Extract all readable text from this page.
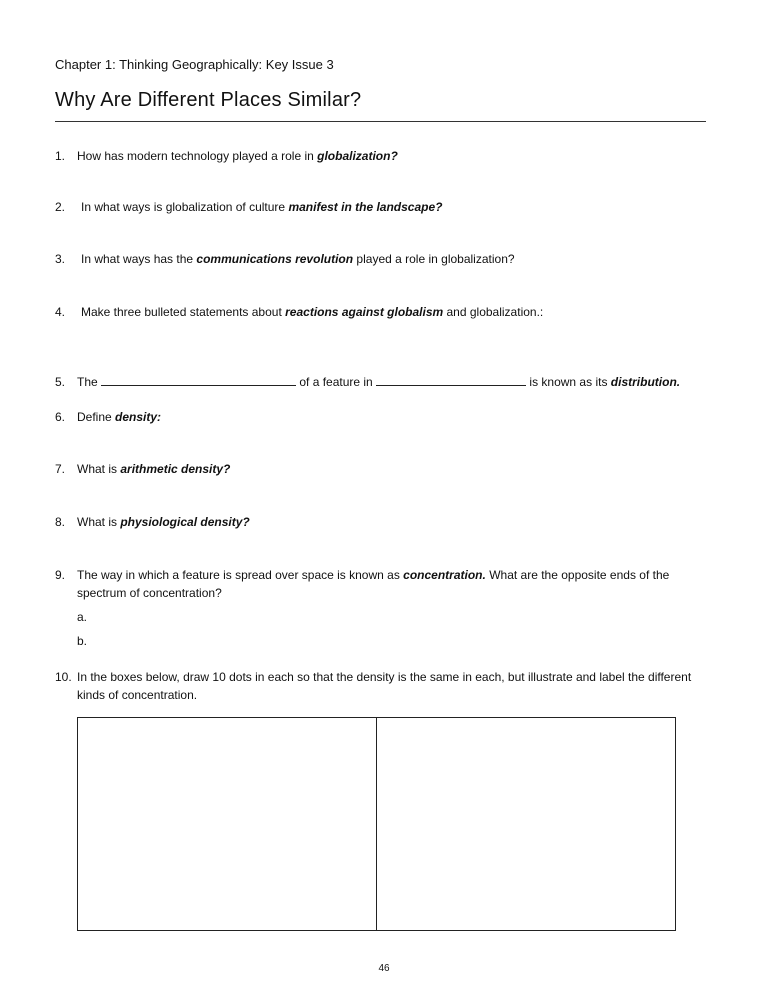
Chapter 1: Thinking Geographically: Key Issue 3
Why Are Different Places Similar?
1. How has modern technology played a role in globalization?
2. In what ways is globalization of culture manifest in the landscape?
3. In what ways has the communications revolution played a role in globalization?
4. Make three bulleted statements about reactions against globalism and globalization.:
5. The	of a feature in	is known as its distribution.
6. Define density:
7. What is arithmetic density?
8. What is physiological density?
9. The way in which a feature is spread over space is known as concentration. What are the opposite ends of the spectrum of concentration?
a.
b.
10. In the boxes below, draw 10 dots in each so that the density is the same in each, but illustrate and label the different kinds of concentration.
46
